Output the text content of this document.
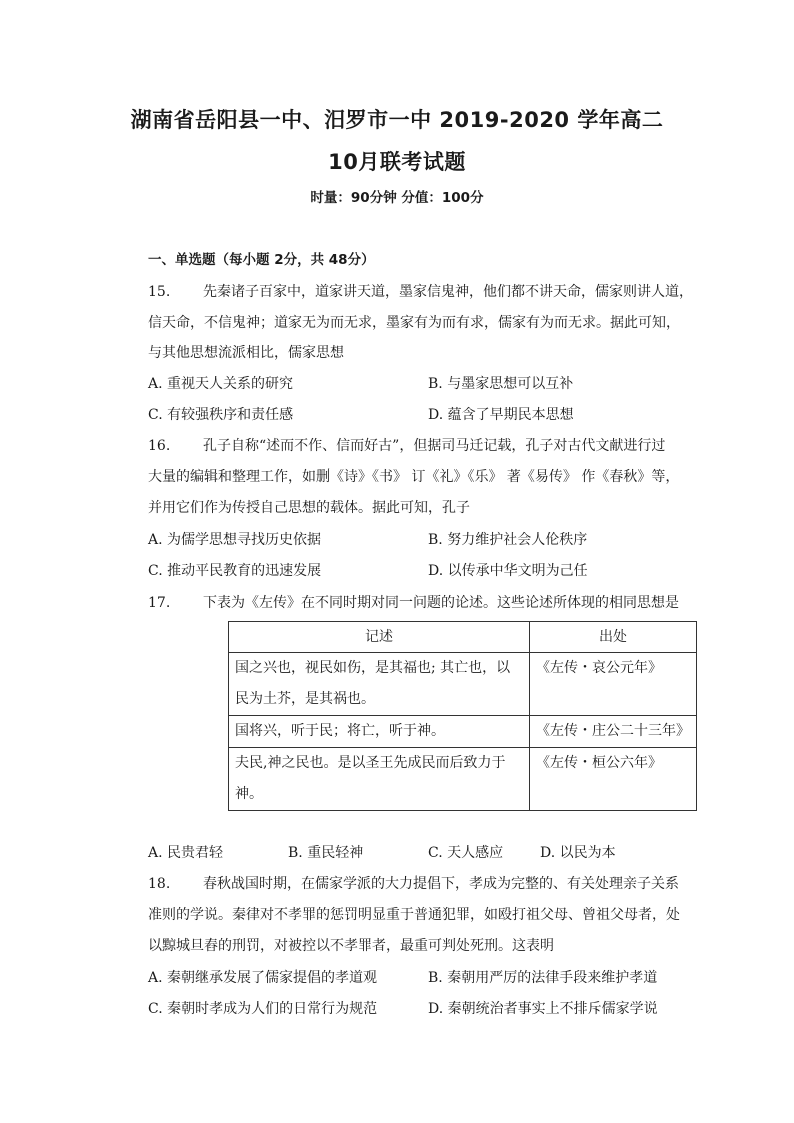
湖南省岳阳县一中、汨罗市一中 2019-2020 学年高二
10月联考试题
时量：90分钟 分值：100分
一、单选题（每小题 2分，共 48分）
15. 先秦诸子百家中，道家讲天道，墨家信鬼神，他们都不讲天命，儒家则讲人道，
信天命，不信鬼神；道家无为而无求，墨家有为而有求，儒家有为而无求。据此可知，
与其他思想流派相比，儒家思想
A. 重视天人关系的研究	B. 与墨家思想可以互补
C. 有较强秩序和责任感	D. 蕴含了早期民本思想
16. 孔子自称“述而不作、信而好古”，但据司马迁记载，孔子对古代文献进行过
大量的编辑和整理工作，如删《诗》《书》 订《礼》《乐》 著《易传》 作《春秋》等，
并用它们作为传授自己思想的载体。据此可知，孔子
A. 为儒学思想寻找历史依据	B. 努力维护社会人伦秩序
C. 推动平民教育的迅速发展	D. 以传承中华文明为己任
17. 下表为《左传》在不同时期对同一问题的论述。这些论述所体现的相同思想是
记述	出处
国之兴也，视民如伤，是其福也; 其亡也，以民为土芥，是其祸也。	《左传・哀公元年》
国将兴，听于民；将亡，听于神。	《左传・庄公二十三年》
夫民,神之民也。是以圣王先成民而后致力于神。	《左传・桓公六年》
A. 民贵君轻	B. 重民轻神	C. 天人感应	D. 以民为本
18. 春秋战国时期，在儒家学派的大力提倡下，孝成为完整的、有关处理亲子关系
准则的学说。秦律对不孝罪的惩罚明显重于普通犯罪，如殴打祖父母、曾祖父母者，处
以黥城旦舂的刑罚，对被控以不孝罪者，最重可判处死刑。这表明
A. 秦朝继承发展了儒家提倡的孝道观	B. 秦朝用严厉的法律手段来维护孝道
C. 秦朝时孝成为人们的日常行为规范	D. 秦朝统治者事实上不排斥儒家学说
